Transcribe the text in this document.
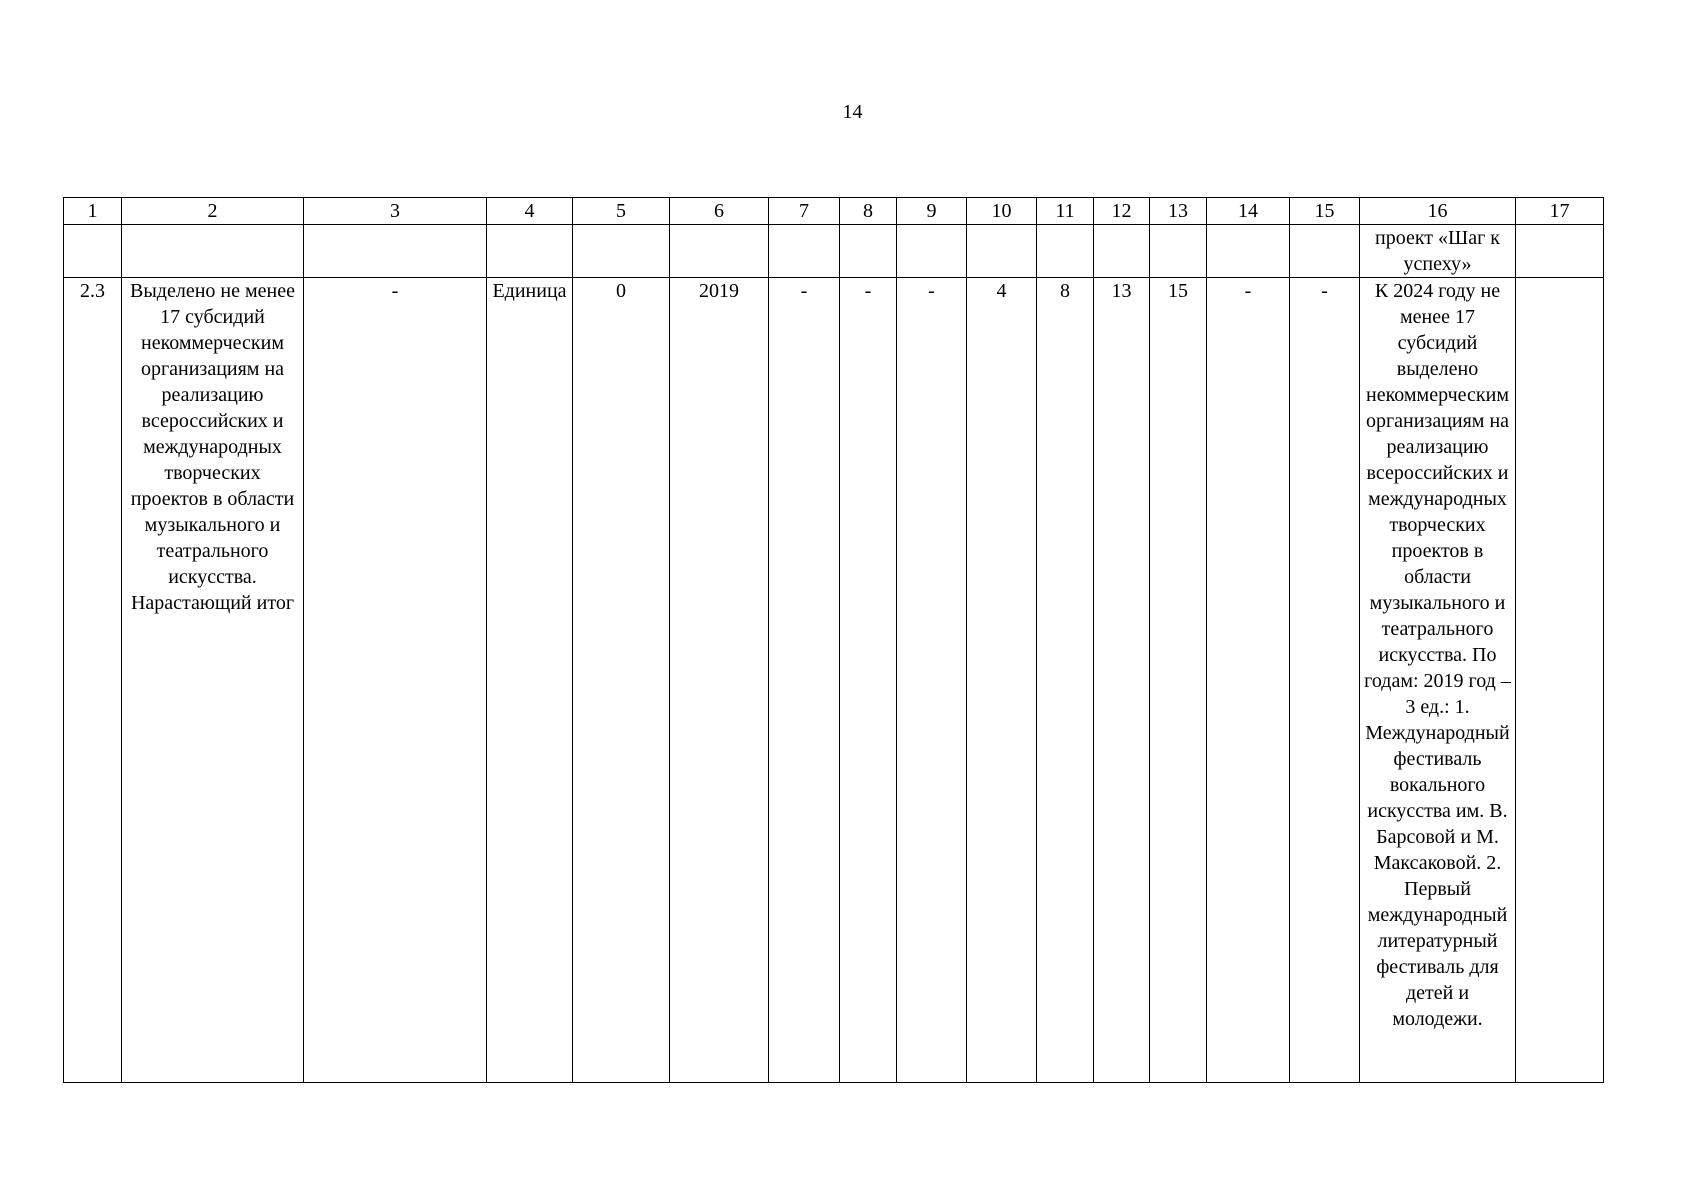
14
1	2	3	4	5	6	7	8	9	10	11	12	13	14	15	16	17

															проект «Шаг к успеху»	

2.3	Выделено не менее 17 субсидий некоммерческим организациям на реализацию всероссийских и международных творческих проектов в области музыкального и театрального искусства. Нарастающий итог	-	Единица	0	2019	-	-	-	4	8	13	15	-	-	К 2024 году не менее 17 субсидий выделено некоммерческим организациям на реализацию всероссийских и международных творческих проектов в области музыкального и театрального искусства. По годам: 2019 год – 3 ед.: 1. Международный фестиваль вокального искусства им. В. Барсовой и М. Максаковой. 2. Первый международный литературный фестиваль для детей и молодежи.	
